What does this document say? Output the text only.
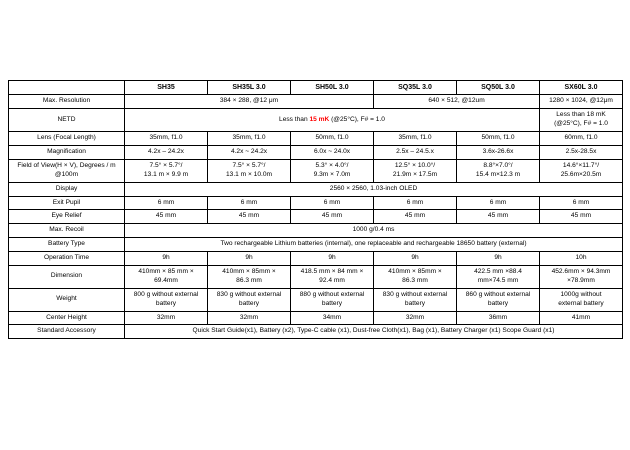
	SH35	SH35L 3.0	SH50L 3.0	SQ35L 3.0	SQ50L 3.0	SX60L 3.0
Max. Resolution	384 × 288, @12 μm			640 × 512, @12um		1280 × 1024, @12μm
NETD	Less than 15 mK (@25°C), F# = 1.0					Less than 18 mK (@25°C), F# = 1.0
Lens (Focal Length)	35mm, f1.0	35mm, f1.0	50mm, f1.0	35mm, f1.0	50mm, f1.0	60mm, f1.0
Magnification	4.2x – 24.2x	4.2x ~ 24.2x	6.0x ~ 24.0x	2.5x – 24.5.x	3.6x-26.6x	2.5x-28.5x
Field of View(H × V), Degrees / m @100m	7.5° × 5.7°/
13.1 m × 9.9 m	7.5° × 5.7°/
13.1 m × 10.0m	5.3° × 4.0°/
9.3m × 7.0m	12.5° × 10.0°/
21.9m × 17.5m	8.8°×7.0°/
15.4 m×12.3 m	14.6°×11.7°/
25.6m×20.5m
Display	2560 × 2560, 1.03-inch OLED					
Exit Pupil	6 mm	6 mm	6 mm	6 mm	6 mm	6 mm
Eye Relief	45 mm	45 mm	45 mm	45 mm	45 mm	45 mm
Max. Recoil	1000 g/0.4 ms					
Battery Type	Two rechargeable Lithium batteries (internal), one replaceable and rechargeable 18650 battery (external)					
Operation Time	9h	9h	9h	9h	9h	10h
Dimension	410mm × 85 mm ×
69.4mm	410mm × 85mm ×
86.3 mm	418.5 mm × 84 mm ×
92.4 mm	410mm × 85mm ×
86.3 mm	422.5 mm ×88.4
mm×74.5 mm	452.6mm × 94.3mm
×78.9mm
Weight	800 g without external
battery	830 g without external
battery	880 g without external
battery	830 g without external
battery	860 g without external
battery	1000g without
external battery
Center Height	32mm	32mm	34mm	32mm	36mm	41mm
Standard Accessory	Quick Start Guide(x1), Battery (x2), Type-C cable (x1), Dust-free Cloth(x1), Bag (x1), Battery Charger (x1) Scope Guard (x1)					
